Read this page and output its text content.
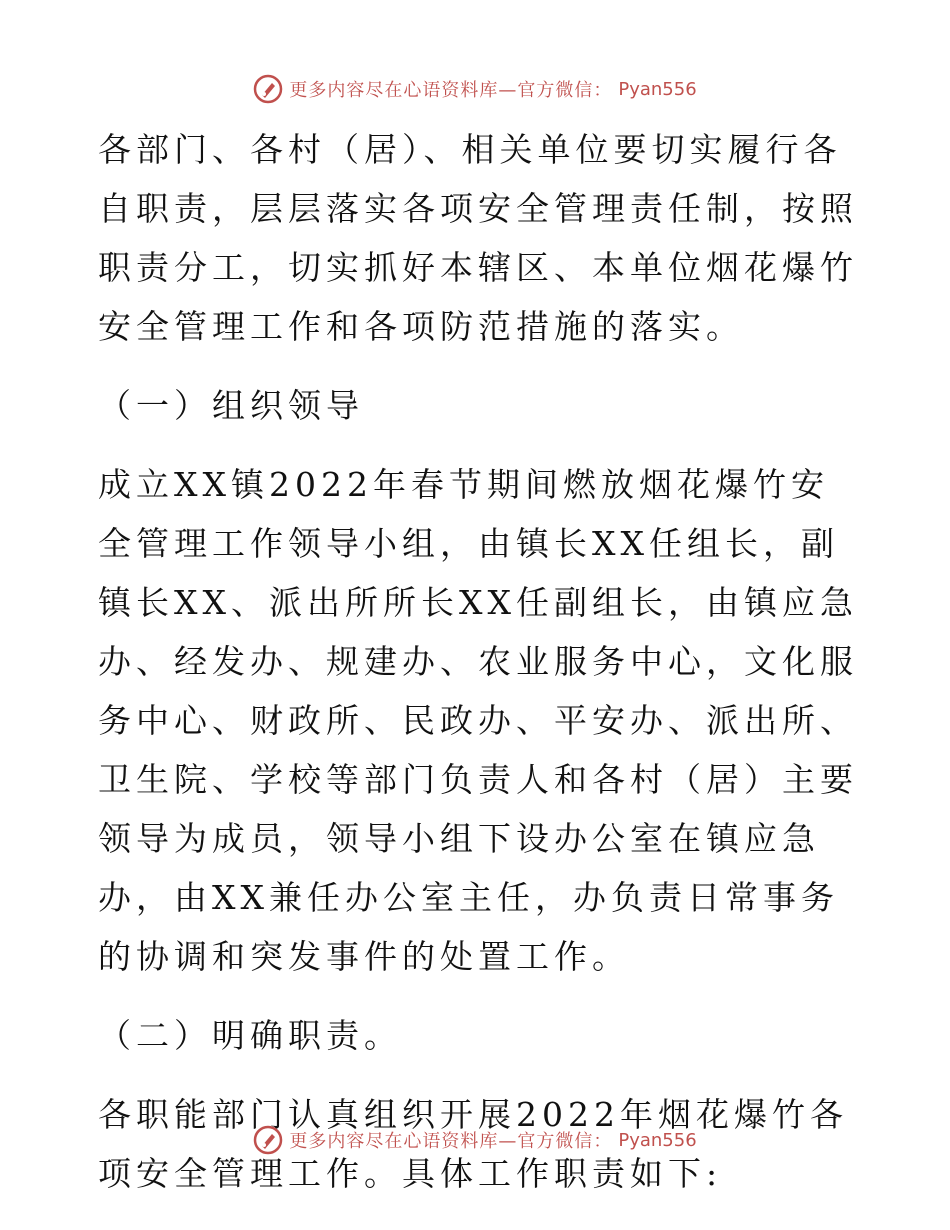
更多内容尽在心语资料库—官方微信： Pyan556

各部门、各村（居）、相关单位要切实履行各自职责，层层落实各项安全管理责任制，按照职责分工，切实抓好本辖区、本单位烟花爆竹安全管理工作和各项防范措施的落实。

（一）组织领导

成立XX镇2022年春节期间燃放烟花爆竹安全管理工作领导小组，由镇长XX任组长，副镇长XX、派出所所长XX任副组长，由镇应急办、经发办、规建办、农业服务中心，文化服务中心、财政所、民政办、平安办、派出所、卫生院、学校等部门负责人和各村（居）主要领导为成员，领导小组下设办公室在镇应急办，由XX兼任办公室主任，办负责日常事务的协调和突发事件的处置工作。

（二）明确职责。

各职能部门认真组织开展2022年烟花爆竹各项安全管理工作。具体工作职责如下:

更多内容尽在心语资料库—官方微信： Pyan556
